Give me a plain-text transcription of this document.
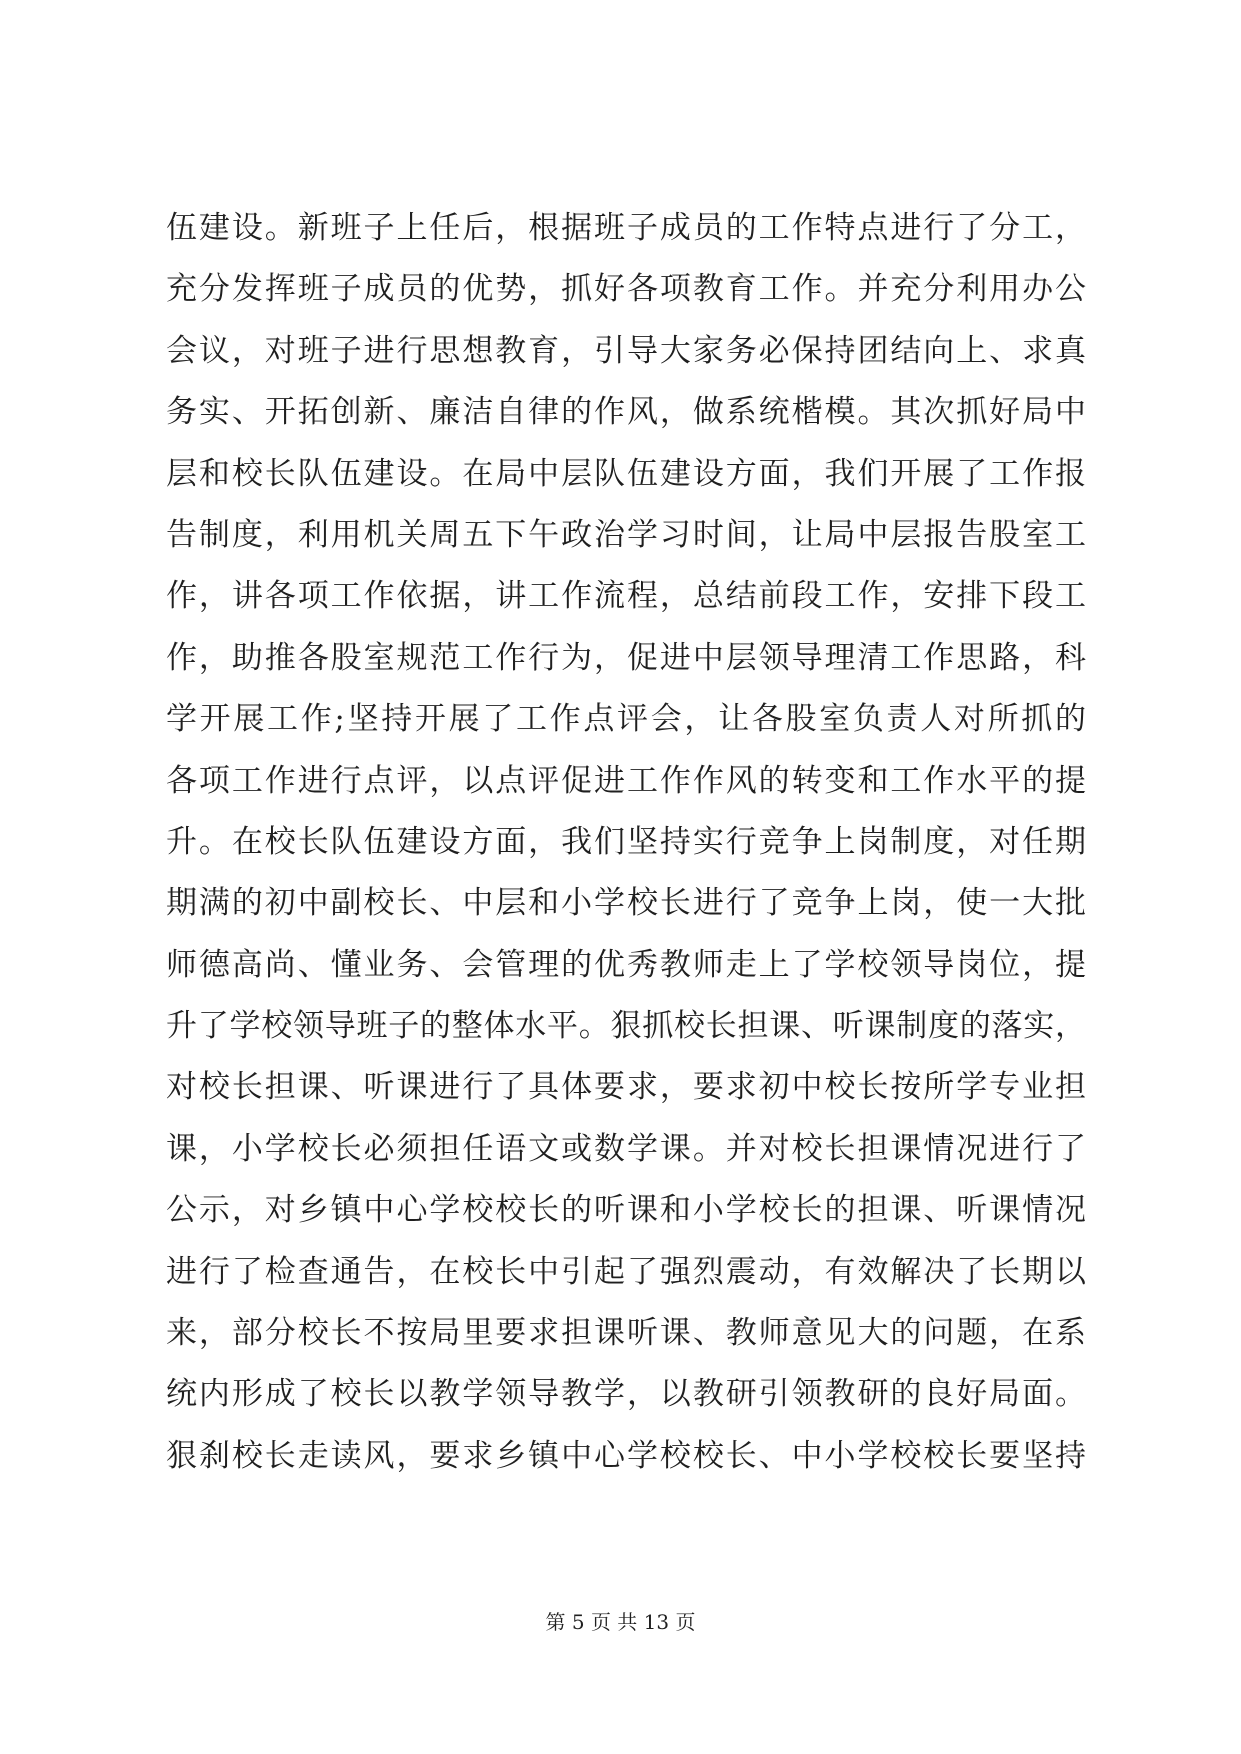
伍建设。新班子上任后，根据班子成员的工作特点进行了分工，
充分发挥班子成员的优势，抓好各项教育工作。并充分利用办公
会议，对班子进行思想教育，引导大家务必保持团结向上、求真
务实、开拓创新、廉洁自律的作风，做系统楷模。其次抓好局中
层和校长队伍建设。在局中层队伍建设方面，我们开展了工作报
告制度，利用机关周五下午政治学习时间，让局中层报告股室工
作，讲各项工作依据，讲工作流程，总结前段工作，安排下段工
作，助推各股室规范工作行为，促进中层领导理清工作思路，科
学开展工作;坚持开展了工作点评会，让各股室负责人对所抓的
各项工作进行点评，以点评促进工作作风的转变和工作水平的提
升。在校长队伍建设方面，我们坚持实行竞争上岗制度，对任期
期满的初中副校长、中层和小学校长进行了竞争上岗，使一大批
师德高尚、懂业务、会管理的优秀教师走上了学校领导岗位，提
升了学校领导班子的整体水平。狠抓校长担课、听课制度的落实，
对校长担课、听课进行了具体要求，要求初中校长按所学专业担
课，小学校长必须担任语文或数学课。并对校长担课情况进行了
公示，对乡镇中心学校校长的听课和小学校长的担课、听课情况
进行了检查通告，在校长中引起了强烈震动，有效解决了长期以
来，部分校长不按局里要求担课听课、教师意见大的问题，在系
统内形成了校长以教学领导教学，以教研引领教研的良好局面。
狠刹校长走读风，要求乡镇中心学校校长、中小学校校长要坚持
第 5 页 共 13 页
